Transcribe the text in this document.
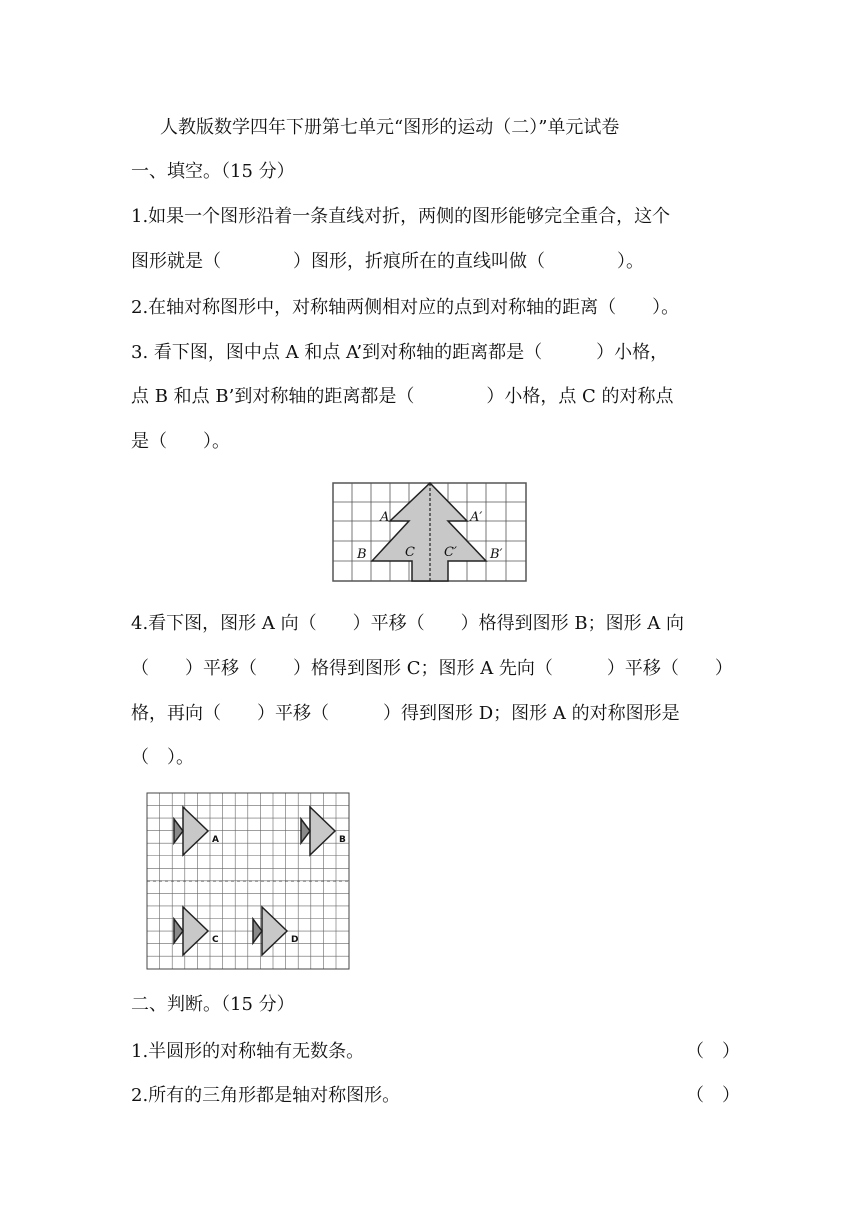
人教版数学四年下册第七单元“图形的运动（二）”单元试卷
一、填空。（15 分）
1.如果一个图形沿着一条直线对折，两侧的图形能够完全重合，这个
图形就是（　　　　）图形，折痕所在的直线叫做（　　　　）。
2.在轴对称图形中，对称轴两侧相对应的点到对称轴的距离（　　）。
3. 看下图，图中点 A 和点 A’到对称轴的距离都是（　　　）小格，
点 B 和点 B’到对称轴的距离都是（　　　　）小格，点 C 的对称点
是（　　）。
A	A′
B	C C′	B′
4.看下图，图形 A 向（　　）平移（　　）格得到图形 B；图形 A 向
（　　）平移（　　）格得到图形 C；图形 A 先向（　　　）平移（　　）
格，再向（　　）平移（　　　）得到图形 D；图形 A 的对称图形是
（　）。
A	B
C	D
二、判断。（15 分）
1.半圆形的对称轴有无数条。	（　）
2.所有的三角形都是轴对称图形。	（　）
